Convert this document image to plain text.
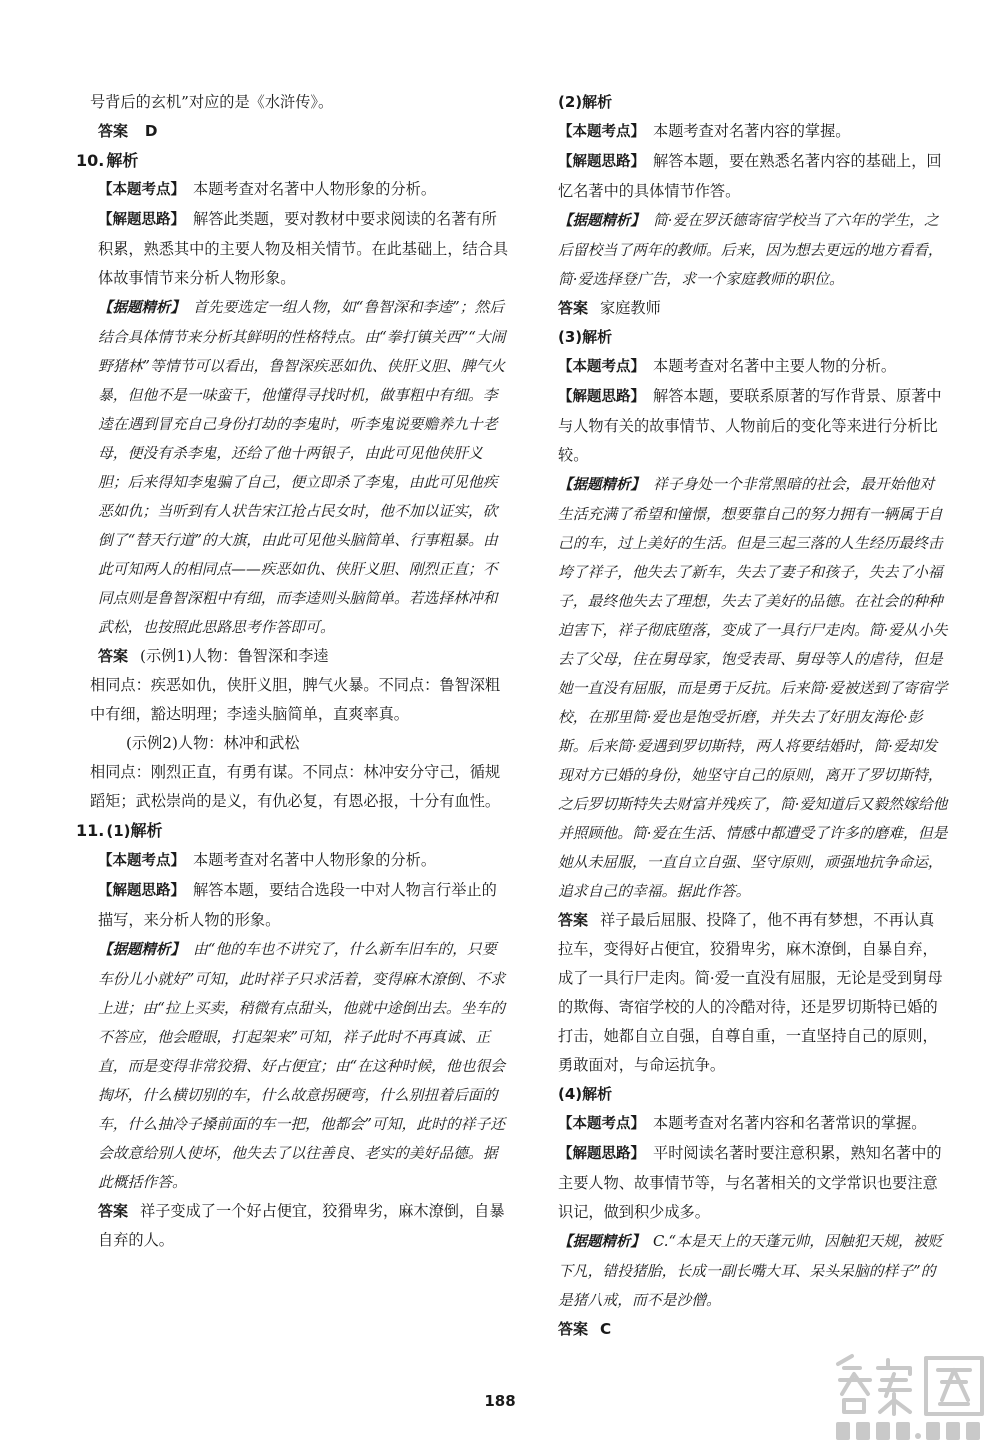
号背后的玄机”对应的是《水浒传》。

答案 D

10. 解析

【本题考点】 本题考查对名著中人物形象的分析。

【解题思路】 解答此类题，要对教材中要求阅读的名著有所积累，熟悉其中的主要人物及相关情节。在此基础上，结合具体故事情节来分析人物形象。

【据题精析】 首先要选定一组人物，如“鲁智深和李逵”；然后结合具体情节来分析其鲜明的性格特点。由“拳打镇关西”“大闹野猪林”等情节可以看出，鲁智深疾恶如仇、侠肝义胆、脾气火暴，但他不是一味蛮干，他懂得寻找时机，做事粗中有细。李逵在遇到冒充自己身份打劫的李鬼时，听李鬼说要赡养九十老母，便没有杀李鬼，还给了他十两银子，由此可见他侠肝义胆；后来得知李鬼骗了自己，便立即杀了李鬼，由此可见他疾恶如仇；当听到有人状告宋江抢占民女时，他不加以证实，砍倒了“替天行道”的大旗，由此可见他头脑简单、行事粗暴。由此可知两人的相同点——疾恶如仇、侠肝义胆、刚烈正直；不同点则是鲁智深粗中有细，而李逵则头脑简单。若选择林冲和武松，也按照此思路思考作答即可。

答案 (示例1)人物：鲁智深和李逵

相同点：疾恶如仇，侠肝义胆，脾气火暴。不同点：鲁智深粗中有细，豁达明理；李逵头脑简单，直爽率真。

(示例2)人物：林冲和武松

相同点：刚烈正直，有勇有谋。不同点：林冲安分守己，循规蹈矩；武松崇尚的是义，有仇必复，有恩必报，十分有血性。

11. (1)解析

【本题考点】 本题考查对名著中人物形象的分析。

【解题思路】 解答本题，要结合选段一中对人物言行举止的描写，来分析人物的形象。

【据题精析】 由“他的车也不讲究了，什么新车旧车的，只要车份儿小就好”可知，此时祥子只求活着，变得麻木潦倒、不求上进；由“拉上买卖，稍微有点甜头，他就中途倒出去。坐车的不答应，他会瞪眼，打起架来”可知，祥子此时不再真诚、正直，而是变得非常狡猾、好占便宜；由“在这种时候，他也很会掏坏，什么横切别的车，什么故意拐硬弯，什么别扭着后面的车，什么抽冷子搡前面的车一把，他都会”可知，此时的祥子还会故意给别人使坏，他失去了以往善良、老实的美好品德。据此概括作答。

答案 祥子变成了一个好占便宜，狡猾卑劣，麻木潦倒，自暴自弃的人。

(2)解析

【本题考点】 本题考查对名著内容的掌握。

【解题思路】 解答本题，要在熟悉名著内容的基础上，回忆名著中的具体情节作答。

【据题精析】 简·爱在罗沃德寄宿学校当了六年的学生，之后留校当了两年的教师。后来，因为想去更远的地方看看，简·爱选择登广告，求一个家庭教师的职位。

答案 家庭教师

(3)解析

【本题考点】 本题考查对名著中主要人物的分析。

【解题思路】 解答本题，要联系原著的写作背景、原著中与人物有关的故事情节、人物前后的变化等来进行分析比较。

【据题精析】 祥子身处一个非常黑暗的社会，最开始他对生活充满了希望和憧憬，想要靠自己的努力拥有一辆属于自己的车，过上美好的生活。但是三起三落的人生经历最终击垮了祥子，他失去了新车，失去了妻子和孩子，失去了小福子，最终他失去了理想，失去了美好的品德。在社会的种种迫害下，祥子彻底堕落，变成了一具行尸走肉。简·爱从小失去了父母，住在舅母家，饱受表哥、舅母等人的虐待，但是她一直没有屈服，而是勇于反抗。后来简·爱被送到了寄宿学校，在那里简·爱也是饱受折磨，并失去了好朋友海伦·彭斯。后来简·爱遇到罗切斯特，两人将要结婚时，简·爱却发现对方已婚的身份，她坚守自己的原则，离开了罗切斯特，之后罗切斯特失去财富并残疾了，简·爱知道后又毅然嫁给他并照顾他。简·爱在生活、情感中都遭受了许多的磨难，但是她从未屈服，一直自立自强、坚守原则，顽强地抗争命运，追求自己的幸福。据此作答。

答案 祥子最后屈服、投降了，他不再有梦想，不再认真拉车，变得好占便宜，狡猾卑劣，麻木潦倒，自暴自弃，成了一具行尸走肉。简·爱一直没有屈服，无论是受到舅母的欺侮、寄宿学校的人的冷酷对待，还是罗切斯特已婚的打击，她都自立自强，自尊自重，一直坚持自己的原则，勇敢面对，与命运抗争。

(4)解析

【本题考点】 本题考查对名著内容和名著常识的掌握。

【解题思路】 平时阅读名著时要注意积累，熟知名著中的主要人物、故事情节等，与名著相关的文学常识也要注意识记，做到积少成多。

【据题精析】 C.“本是天上的天蓬元帅，因触犯天规，被贬下凡，错投猪胎，长成一副长嘴大耳、呆头呆脑的样子”的是猪八戒，而不是沙僧。

答案 C

188
